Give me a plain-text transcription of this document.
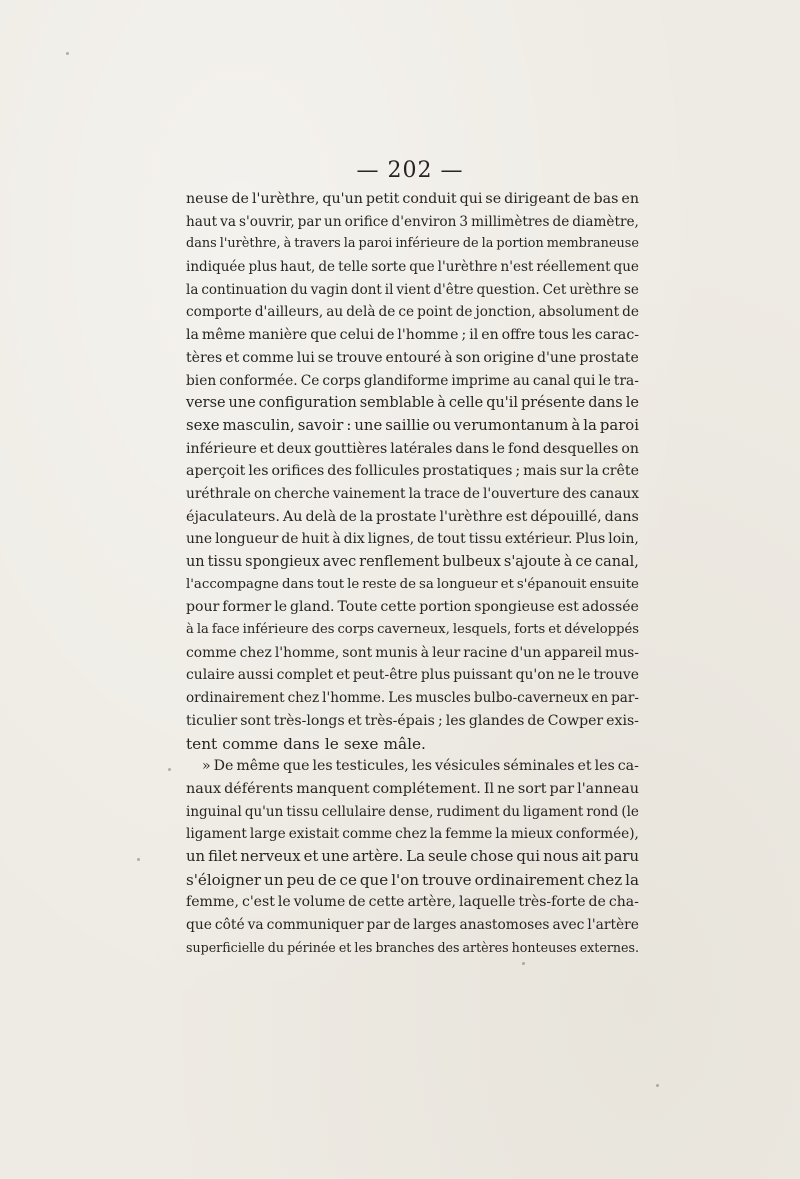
— 202 —
neuse de l'urèthre, qu'un petit conduit qui se dirigeant de bas en
haut va s'ouvrir, par un orifice d'environ 3 millimètres de diamètre,
dans l'urèthre, à travers la paroi inférieure de la portion membraneuse
indiquée plus haut, de telle sorte que l'urèthre n'est réellement que
la continuation du vagin dont il vient d'être question. Cet urèthre se
comporte d'ailleurs, au delà de ce point de jonction, absolument de
la même manière que celui de l'homme ; il en offre tous les carac-
tères et comme lui se trouve entouré à son origine d'une prostate
bien conformée. Ce corps glandiforme imprime au canal qui le tra-
verse une configuration semblable à celle qu'il présente dans le
sexe masculin, savoir : une saillie ou verumontanum à la paroi
inférieure et deux gouttières latérales dans le fond desquelles on
aperçoit les orifices des follicules prostatiques ; mais sur la crête
uréthrale on cherche vainement la trace de l'ouverture des canaux
éjaculateurs. Au delà de la prostate l'urèthre est dépouillé, dans
une longueur de huit à dix lignes, de tout tissu extérieur. Plus loin,
un tissu spongieux avec renflement bulbeux s'ajoute à ce canal,
l'accompagne dans tout le reste de sa longueur et s'épanouit ensuite
pour former le gland. Toute cette portion spongieuse est adossée
à la face inférieure des corps caverneux, lesquels, forts et développés
comme chez l'homme, sont munis à leur racine d'un appareil mus-
culaire aussi complet et peut-être plus puissant qu'on ne le trouve
ordinairement chez l'homme. Les muscles bulbo-caverneux en par-
ticulier sont très-longs et très-épais ; les glandes de Cowper exis-
tent comme dans le sexe mâle.
» De même que les testicules, les vésicules séminales et les ca-
naux déférents manquent complétement. Il ne sort par l'anneau
inguinal qu'un tissu cellulaire dense, rudiment du ligament rond (le
ligament large existait comme chez la femme la mieux conformée),
un filet nerveux et une artère. La seule chose qui nous ait paru
s'éloigner un peu de ce que l'on trouve ordinairement chez la
femme, c'est le volume de cette artère, laquelle très-forte de cha-
que côté va communiquer par de larges anastomoses avec l'artère
superficielle du périnée et les branches des artères honteuses externes.
